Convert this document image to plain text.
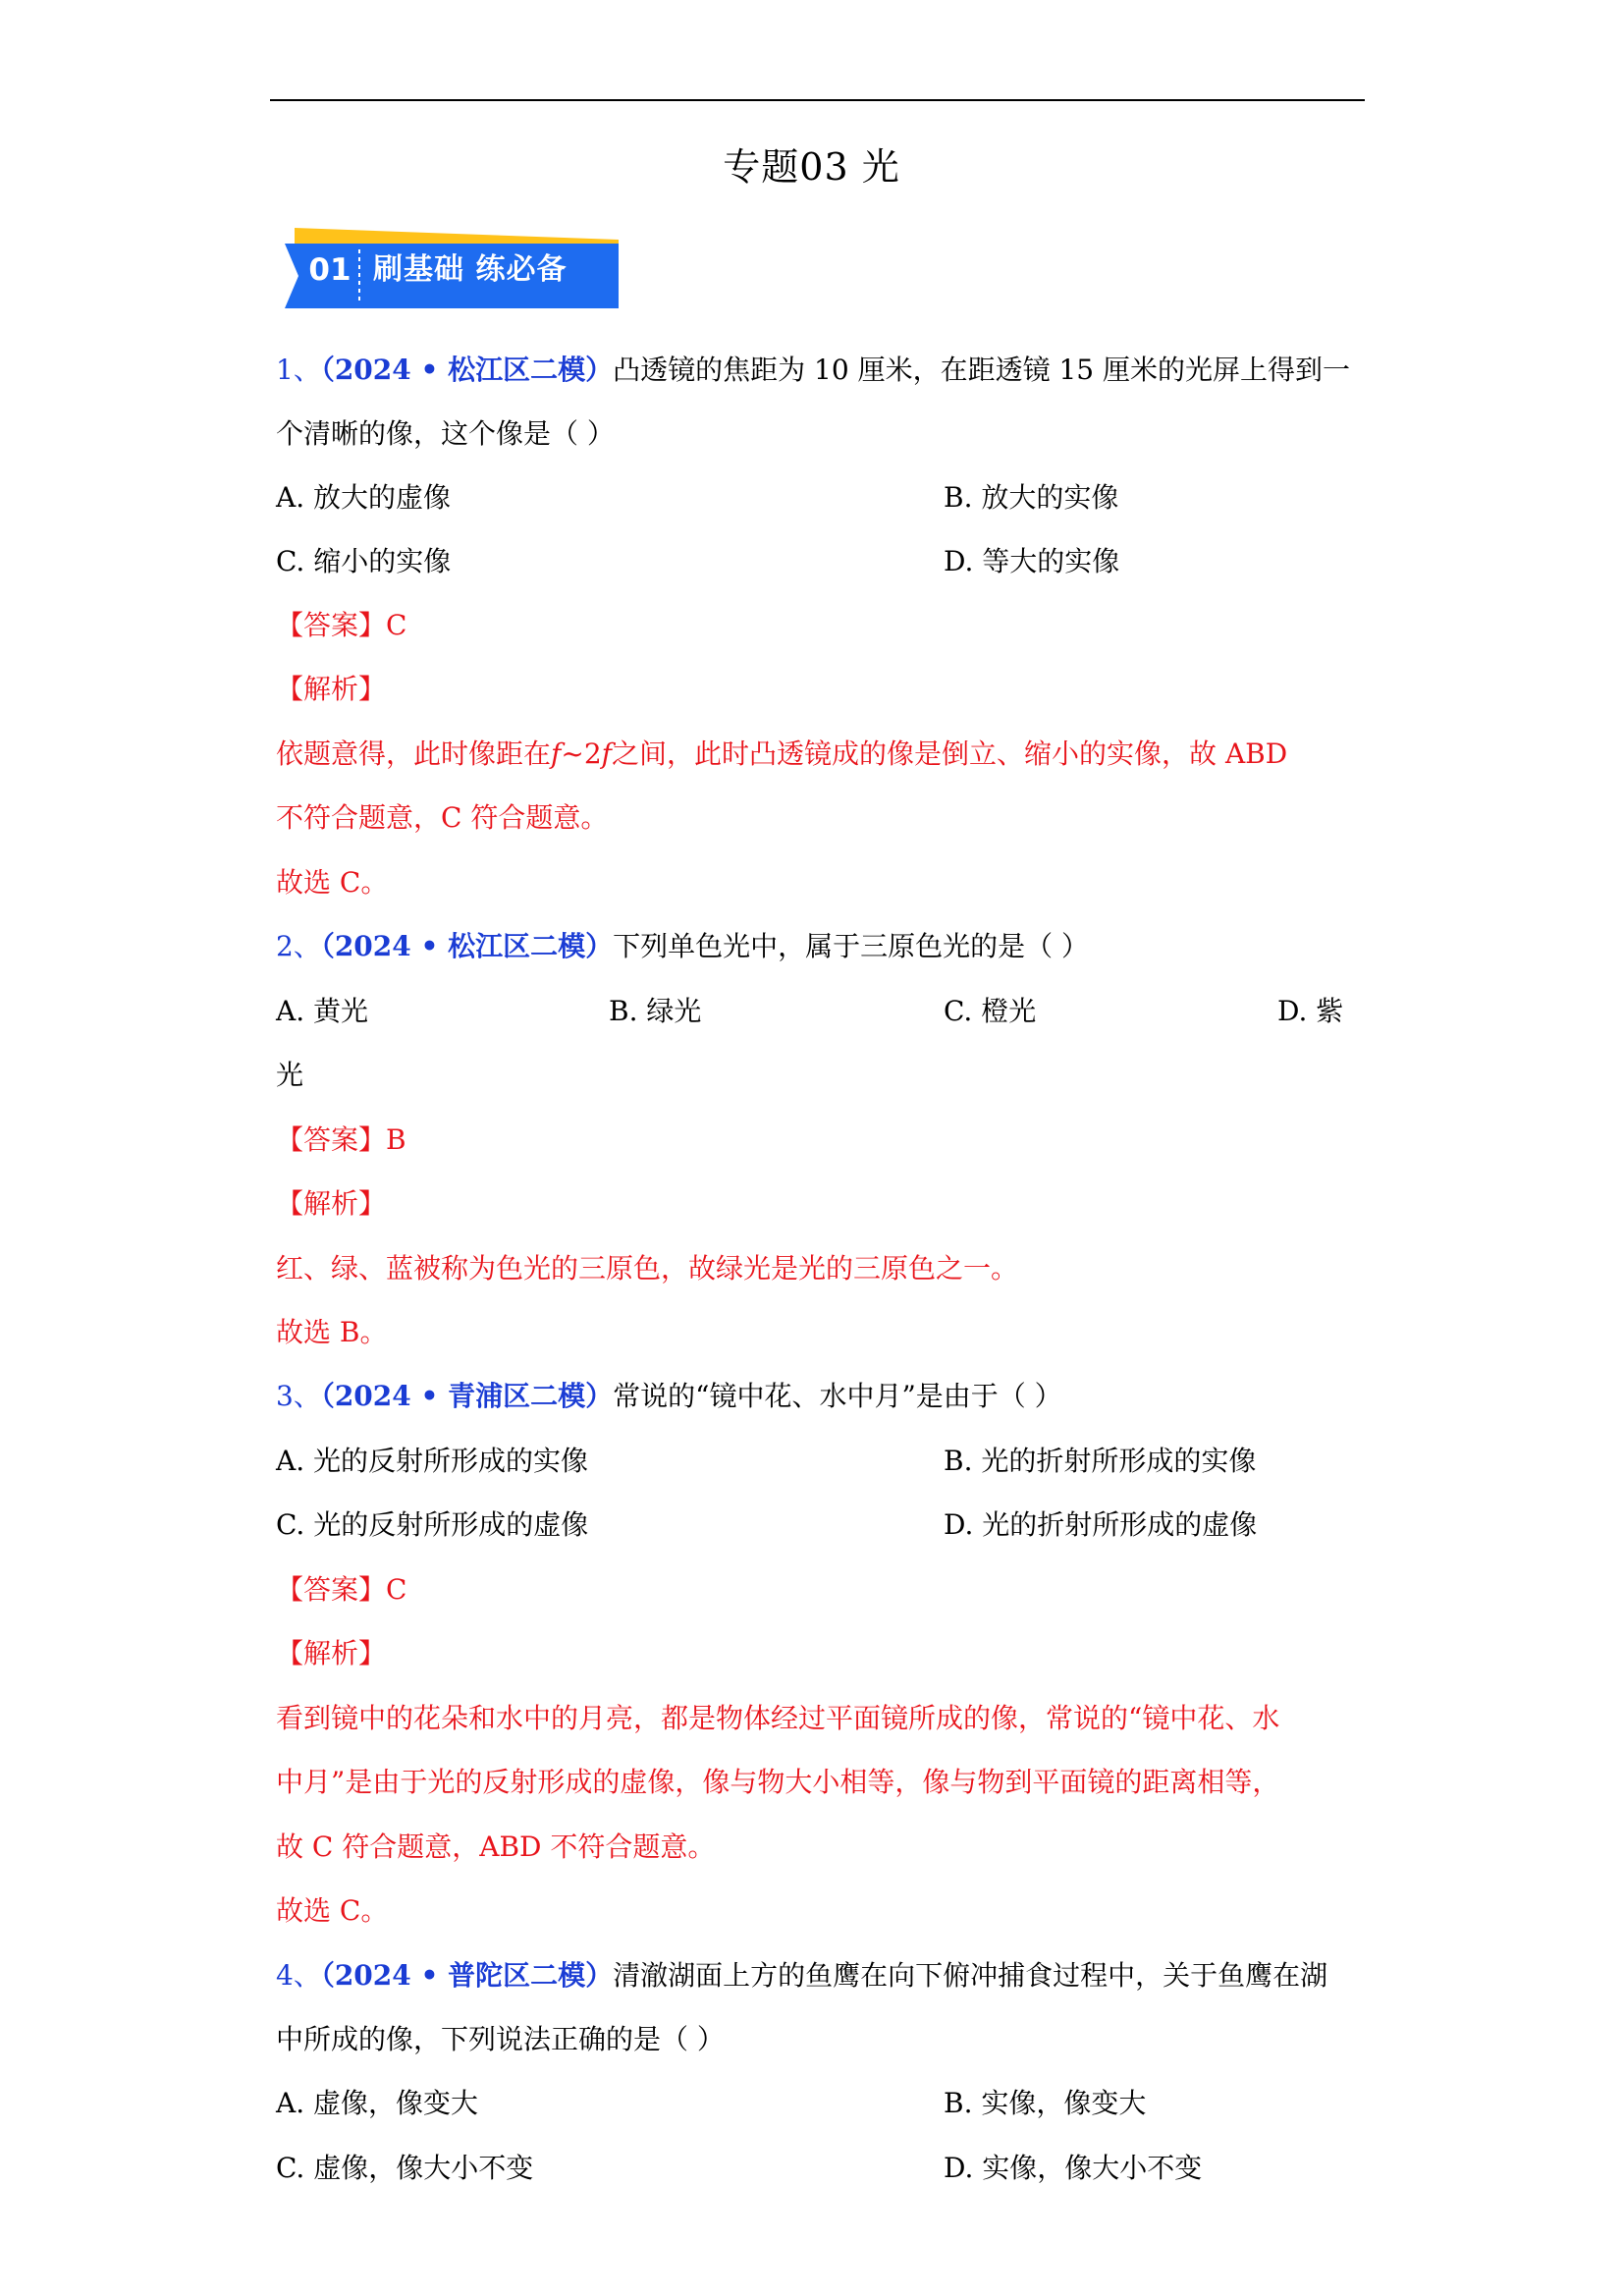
专题03 光
01 刷基础 练必备
1、（2024 • 松江区二模）凸透镜的焦距为 10 厘米，在距透镜 15 厘米的光屏上得到一
个清晰的像，这个像是（ ）
A. 放大的虚像	B. 放大的实像
C. 缩小的实像	D. 等大的实像
【答案】C
【解析】
依题意得，此时像距在f~2f之间，此时凸透镜成的像是倒立、缩小的实像，故 ABD
不符合题意，C 符合题意。
故选 C。
2、（2024 • 松江区二模）下列单色光中，属于三原色光的是（ ）
A. 黄光	B. 绿光	C. 橙光	D. 紫
光
【答案】B
【解析】
红、绿、蓝被称为色光的三原色，故绿光是光的三原色之一。
故选 B。
3、（2024 • 青浦区二模）常说的“镜中花、水中月”是由于（ ）
A. 光的反射所形成的实像	B. 光的折射所形成的实像
C. 光的反射所形成的虚像	D. 光的折射所形成的虚像
【答案】C
【解析】
看到镜中的花朵和水中的月亮，都是物体经过平面镜所成的像，常说的“镜中花、水
中月”是由于光的反射形成的虚像，像与物大小相等，像与物到平面镜的距离相等，
故 C 符合题意，ABD 不符合题意。
故选 C。
4、（2024 • 普陀区二模）清澈湖面上方的鱼鹰在向下俯冲捕食过程中，关于鱼鹰在湖
中所成的像，下列说法正确的是（ ）
A. 虚像，像变大	B. 实像，像变大
C. 虚像，像大小不变	D. 实像，像大小不变
